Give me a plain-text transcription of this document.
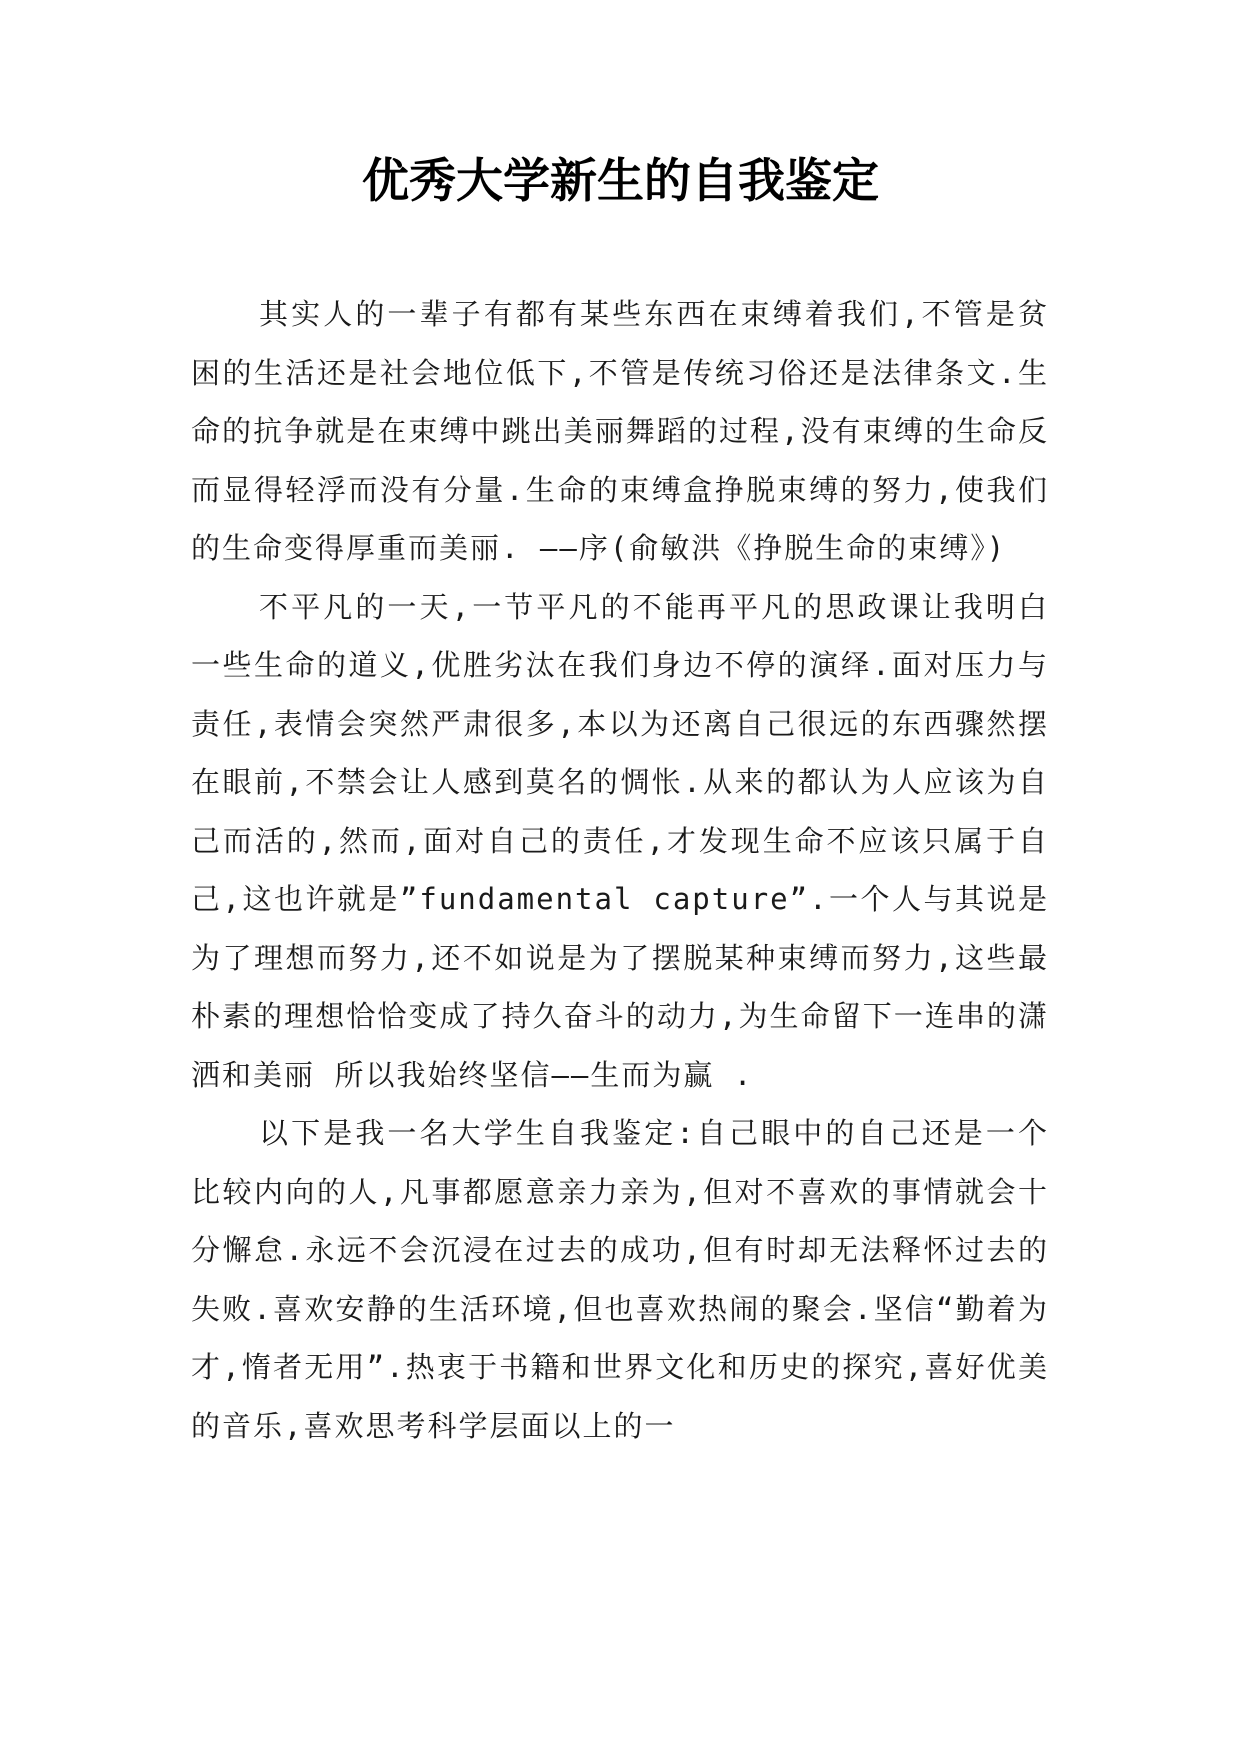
优秀大学新生的自我鉴定

其实人的一辈子有都有某些东西在束缚着我们,不管是贫困的生活还是社会地位低下,不管是传统习俗还是法律条文.生命的抗争就是在束缚中跳出美丽舞蹈的过程,没有束缚的生命反而显得轻浮而没有分量.生命的束缚盒挣脱束缚的努力,使我们的生命变得厚重而美丽. ——序(俞敏洪《挣脱生命的束缚》)

不平凡的一天,一节平凡的不能再平凡的思政课让我明白一些生命的道义,优胜劣汰在我们身边不停的演绎.面对压力与责任,表情会突然严肃很多,本以为还离自己很远的东西骤然摆在眼前,不禁会让人感到莫名的惆怅.从来的都认为人应该为自己而活的,然而,面对自己的责任,才发现生命不应该只属于自己,这也许就是”fundamental capture”.一个人与其说是为了理想而努力,还不如说是为了摆脱某种束缚而努力,这些最朴素的理想恰恰变成了持久奋斗的动力,为生命留下一连串的潇洒和美丽 所以我始终坚信——生而为赢 .

以下是我一名大学生自我鉴定:自己眼中的自己还是一个比较内向的人,凡事都愿意亲力亲为,但对不喜欢的事情就会十分懈怠.永远不会沉浸在过去的成功,但有时却无法释怀过去的失败.喜欢安静的生活环境,但也喜欢热闹的聚会.坚信“勤着为才,惰者无用”.热衷于书籍和世界文化和历史的探究,喜好优美的音乐,喜欢思考科学层面以上的一
